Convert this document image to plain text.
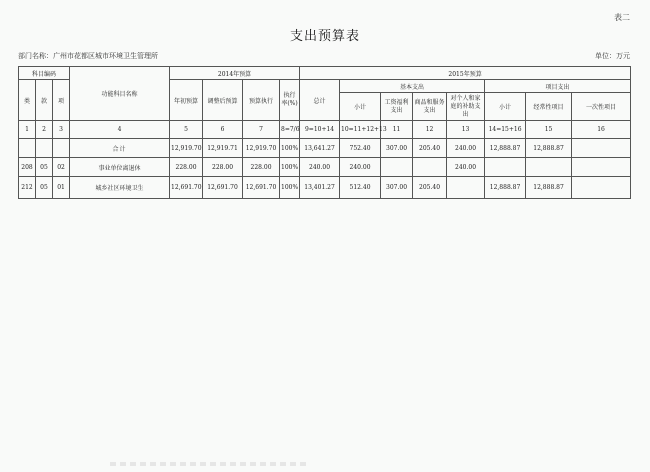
表二
支出预算表
部门名称：广州市花都区城市环境卫生管理所	单位：万元
科目编码			功能科目名称	2014年预算				2015年预算							
类	款	项		年初预算	调整后预算	预算执行	执行率(%)	总计	基本支出				项目支出		
									小计	工资福利支出	商品和服务支出	对个人和家庭的补助支出	小计	经常性项目	一次性项目
1	2	3	4	5	6	7	8=7/6	9=10+14	10=11+12+13	11	12	13	14=15+16	15	16
			合计	12,919.70	12,919.71	12,919.70	100%	13,641.27	752.40	307.00	205.40	240.00	12,888.87	12,888.87	
208	05	02	事业单位离退休	228.00	228.00	228.00	100%	240.00	240.00			240.00			
212	05	01	城乡社区环境卫生	12,691.70	12,691.70	12,691.70	100%	13,401.27	512.40	307.00	205.40		12,888.87	12,888.87	
